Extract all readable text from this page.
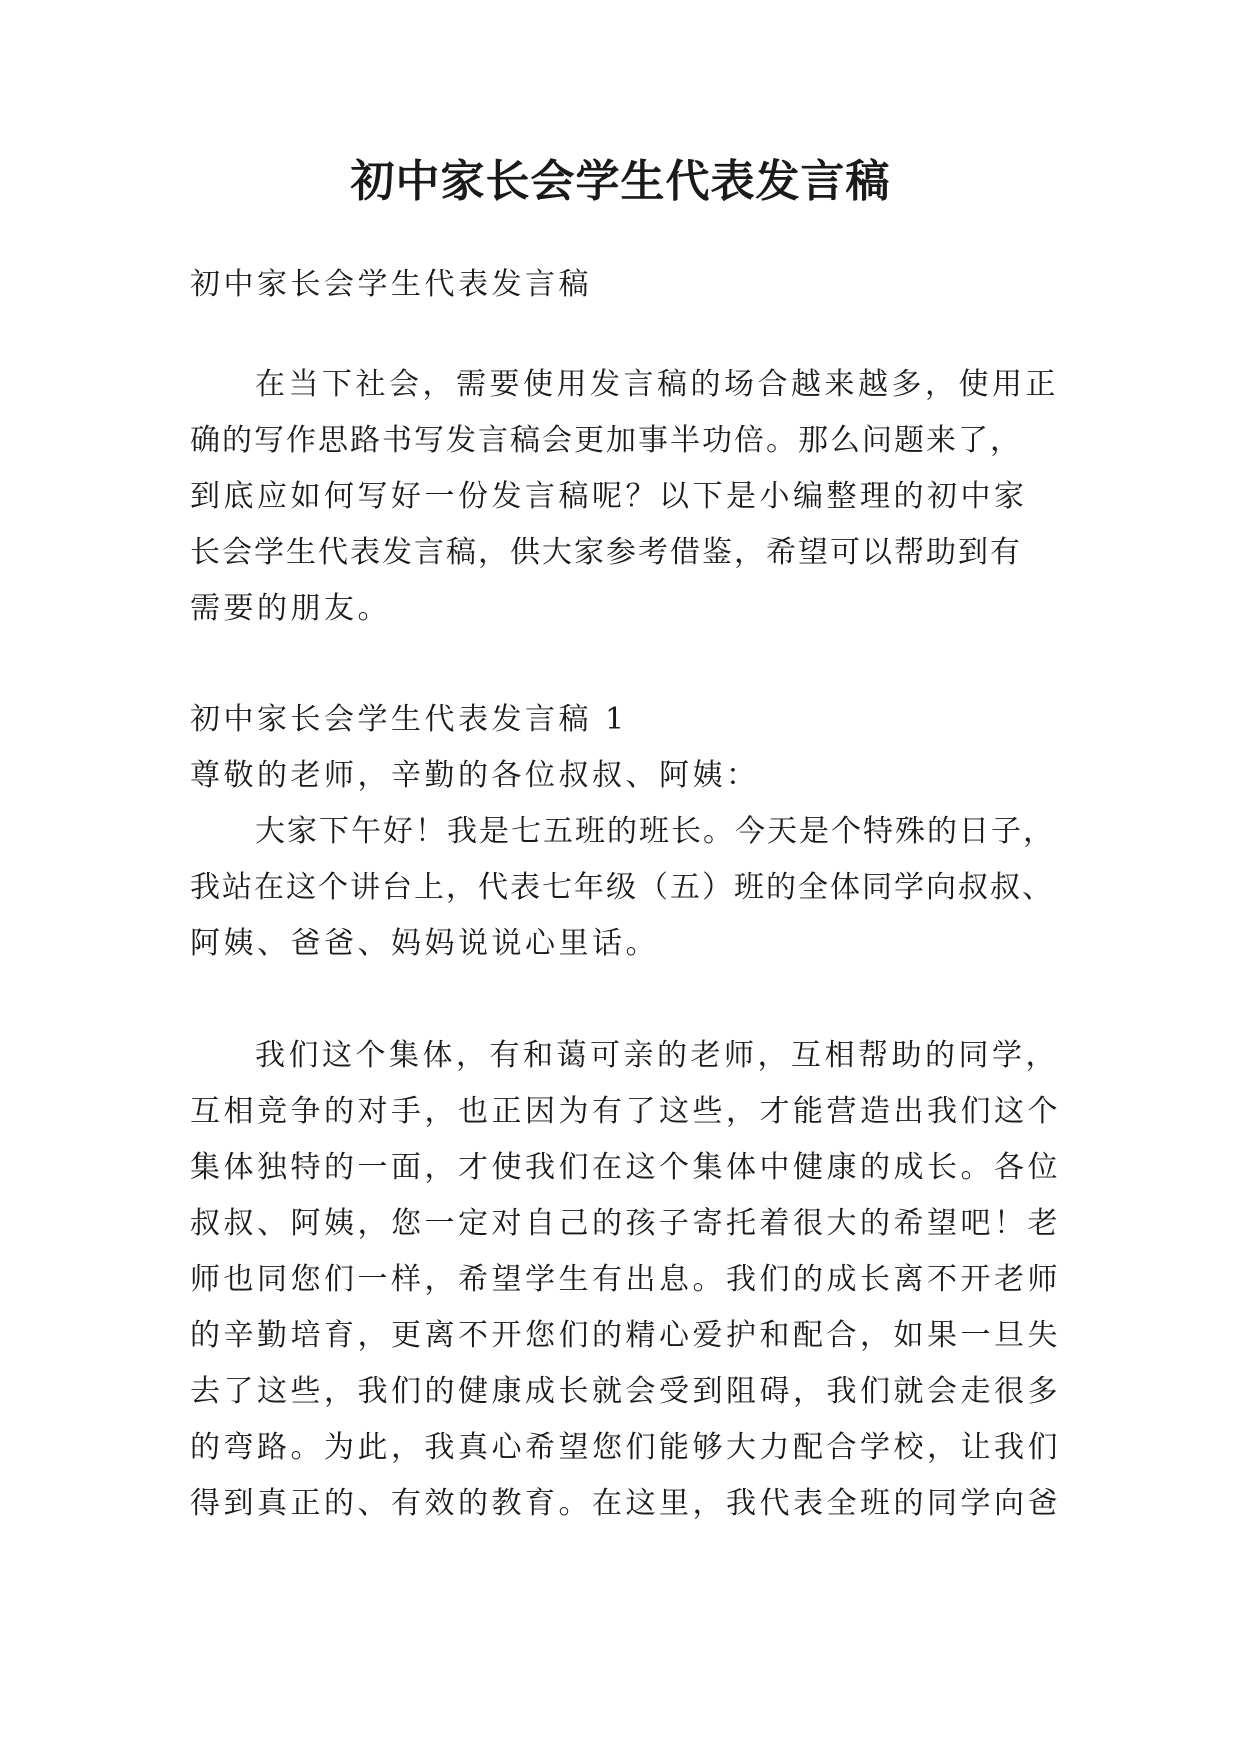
初中家长会学生代表发言稿

初中家长会学生代表发言稿

在当下社会，需要使用发言稿的场合越来越多，使用正

确的写作思路书写发言稿会更加事半功倍。那么问题来了，

到底应如何写好一份发言稿呢？以下是小编整理的初中家

长会学生代表发言稿，供大家参考借鉴，希望可以帮助到有

需要的朋友。

初中家长会学生代表发言稿 1

尊敬的老师，辛勤的各位叔叔、阿姨：

大家下午好！我是七五班的班长。今天是个特殊的日子，

我站在这个讲台上，代表七年级（五）班的全体同学向叔叔、

阿姨、爸爸、妈妈说说心里话。

我们这个集体，有和蔼可亲的老师，互相帮助的同学，

互相竞争的对手，也正因为有了这些，才能营造出我们这个

集体独特的一面，才使我们在这个集体中健康的成长。各位

叔叔、阿姨，您一定对自己的孩子寄托着很大的希望吧！老

师也同您们一样，希望学生有出息。我们的成长离不开老师

的辛勤培育，更离不开您们的精心爱护和配合，如果一旦失

去了这些，我们的健康成长就会受到阻碍，我们就会走很多

的弯路。为此，我真心希望您们能够大力配合学校，让我们

得到真正的、有效的教育。在这里，我代表全班的同学向爸
